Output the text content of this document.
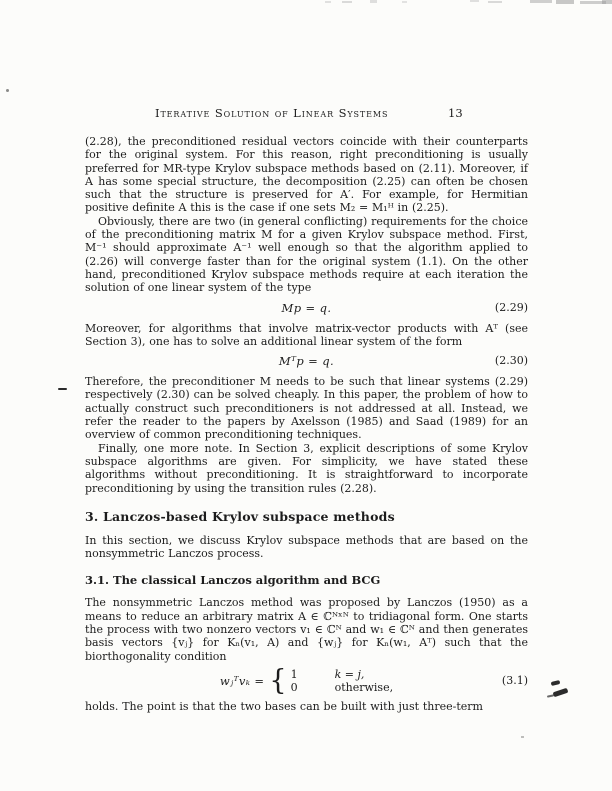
Iterative Solution of Linear Systems	13

(2.28), the preconditioned residual vectors coincide with their counterparts for the original system. For this reason, right preconditioning is usually preferred for MR-type Krylov subspace methods based on (2.11). Moreover, if A has some special structure, the decomposition (2.25) can often be chosen such that the structure is preserved for A′. For example, for Hermitian positive definite A this is the case if one sets M₂ = M₁ᴴ in (2.25).

Obviously, there are two (in general conflicting) requirements for the choice of the preconditioning matrix M for a given Krylov subspace method. First, M⁻¹ should approximate A⁻¹ well enough so that the algorithm applied to (2.26) will converge faster than for the original system (1.1). On the other hand, preconditioned Krylov subspace methods require at each iteration the solution of one linear system of the type

Mp = q.	(2.29)

Moreover, for algorithms that involve matrix-vector products with Aᵀ (see Section 3), one has to solve an additional linear system of the form

Mᵀp = q.	(2.30)

Therefore, the preconditioner M needs to be such that linear systems (2.29) respectively (2.30) can be solved cheaply. In this paper, the problem of how to actually construct such preconditioners is not addressed at all. Instead, we refer the reader to the papers by Axelsson (1985) and Saad (1989) for an overview of common preconditioning techniques.

Finally, one more note. In Section 3, explicit descriptions of some Krylov subspace algorithms are given. For simplicity, we have stated these algorithms without preconditioning. It is straightforward to incorporate preconditioning by using the transition rules (2.28).

3. Lanczos-based Krylov subspace methods

In this section, we discuss Krylov subspace methods that are based on the nonsymmetric Lanczos process.

3.1. The classical Lanczos algorithm and BCG

The nonsymmetric Lanczos method was proposed by Lanczos (1950) as a means to reduce an arbitrary matrix A ∈ ℂᴺˣᴺ to tridiagonal form. One starts the process with two nonzero vectors v₁ ∈ ℂᴺ and w₁ ∈ ℂᴺ and then generates basis vectors {vⱼ} for Kₙ(v₁, A) and {wⱼ} for Kₙ(w₁, Aᵀ) such that the biorthogonality condition

wⱼᵀvₖ = { 1	k = j,
0	otherwise,
(3.1)

holds. The point is that the two bases can be built with just three-term
